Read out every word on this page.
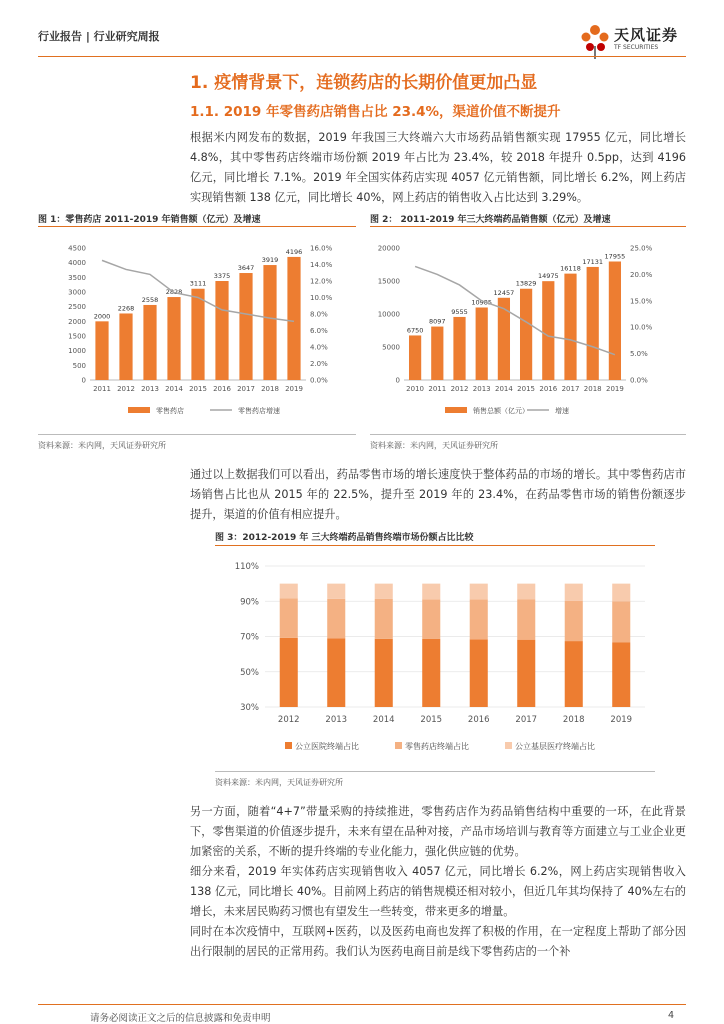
行业报告 | 行业研究周报	天风证券
TF SECURITIES
1. 疫情背景下，连锁药店的长期价值更加凸显
1.1. 2019 年零售药店销售占比 23.4%，渠道价值不断提升
根据米内网发布的数据，2019 年我国三大终端六大市场药品销售额实现 17955 亿元，同比增长 4.8%，其中零售药店终端市场份额 2019 年占比为 23.4%，较 2018 年提升 0.5pp，达到 4196 亿元，同比增长 7.1%。2019 年全国实体药店实现 4057 亿元销售额，同比增长 6.2%，网上药店实现销售额 138 亿元，同比增长 40%，网上药店的销售收入占比达到 3.29%。
图 1：零售药店 2011-2019 年销售额（亿元）及增速
0
500
1000
1500
2000
2500
3000
3500
4000
4500
0.0%
2.0%
4.0%
6.0%
8.0%
10.0%
12.0%
14.0%
16.0%
2000
2011
2268
2012
2558
2013
2828
2014
3111
2015
3375
2016
3647
2017
3919
2018
4196
2019
零售药店	零售药店增速
资料来源：米内网，天风证券研究所
图 2： 2011-2019 年三大终端药品销售额（亿元）及增速
0
5000
10000
15000
20000
0.0%
5.0%
10.0%
15.0%
20.0%
25.0%
6750
2010
8097
2011
9555
2012
10985
2013
12457
2014
13829
2015
14975
2016
16118
2017
17131
2018
17955
2019
销售总额（亿元）	增速
资料来源：米内网，天风证券研究所
通过以上数据我们可以看出，药品零售市场的增长速度快于整体药品的市场的增长。其中零售药店市场销售占比也从 2015 年的 22.5%，提升至 2019 年的 23.4%，在药品零售市场的销售份额逐步提升，渠道的价值有相应提升。
图 3：2012-2019 年 三大终端药品销售终端市场份额占比比较
30%
50%
70%
90%
110%
2012	2013	2014	2015	2016	2017	2018	2019
公立医院终端占比	零售药店终端占比	公立基层医疗终端占比
资料来源：米内网，天风证券研究所
另一方面，随着“4+7”带量采购的持续推进，零售药店作为药品销售结构中重要的一环，在此背景下，零售渠道的价值逐步提升，未来有望在品种对接，产品市场培训与教育等方面建立与工业企业更加紧密的关系，不断的提升终端的专业化能力，强化供应链的优势。
细分来看，2019 年实体药店实现销售收入 4057 亿元，同比增长 6.2%，网上药店实现销售收入 138 亿元，同比增长 40%。目前网上药店的销售规模还相对较小，但近几年其均保持了 40%左右的增长，未来居民购药习惯也有望发生一些转变，带来更多的增量。
同时在本次疫情中，互联网+医药，以及医药电商也发挥了积极的作用，在一定程度上帮助了部分因出行限制的居民的正常用药。我们认为医药电商目前是线下零售药店的一个补
请务必阅读正文之后的信息披露和免责申明	4
